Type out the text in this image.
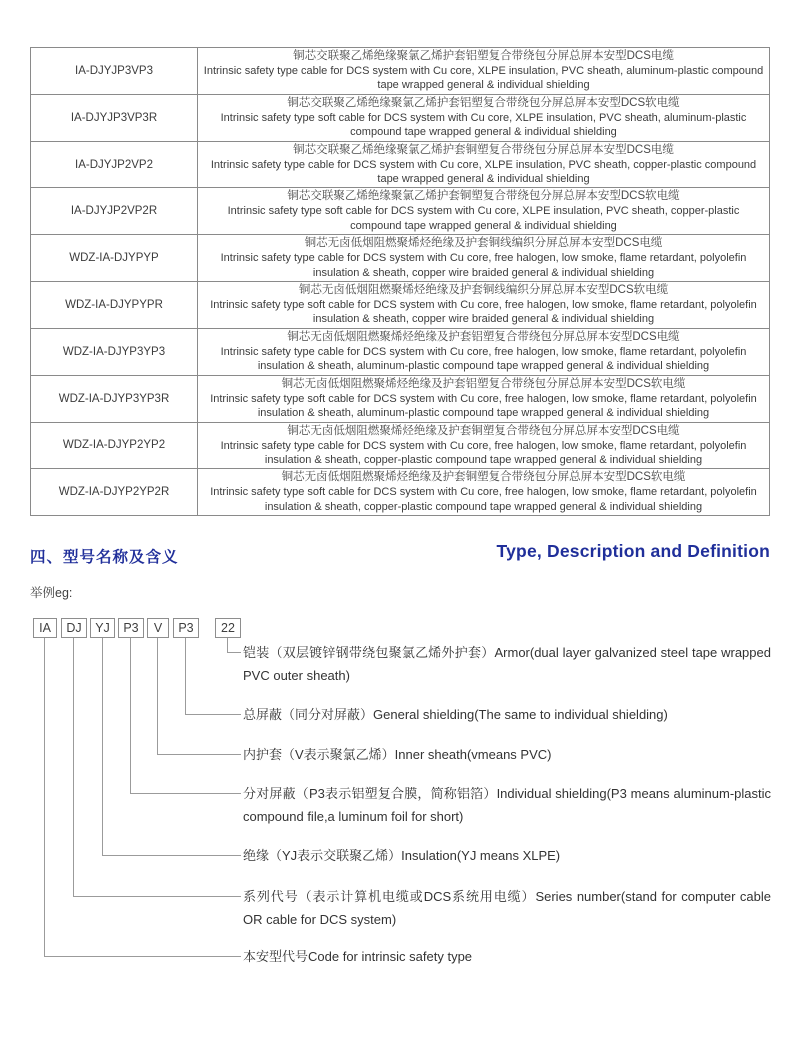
IA-DJYJP3VP3	铜芯交联聚乙烯绝缘聚氯乙烯护套铝塑复合带绕包分屏总屏本安型DCS电缆
Intrinsic safety type cable for DCS system with Cu core, XLPE insulation, PVC sheath, aluminum-plastic compound tape wrapped general & individual shielding

IA-DJYJP3VP3R	铜芯交联聚乙烯绝缘聚氯乙烯护套铝塑复合带绕包分屏总屏本安型DCS软电缆
Intrinsic safety type soft cable for DCS system with Cu core, XLPE insulation, PVC sheath, aluminum-plastic compound tape wrapped general & individual shielding

IA-DJYJP2VP2	铜芯交联聚乙烯绝缘聚氯乙烯护套铜塑复合带绕包分屏总屏本安型DCS电缆
Intrinsic safety type cable for DCS system with Cu core, XLPE insulation, PVC sheath, copper-plastic compound tape wrapped general & individual shielding

IA-DJYJP2VP2R	铜芯交联聚乙烯绝缘聚氯乙烯护套铜塑复合带绕包分屏总屏本安型DCS软电缆
Intrinsic safety type soft cable for DCS system with Cu core, XLPE insulation, PVC sheath, copper-plastic compound tape wrapped general & individual shielding

WDZ-IA-DJYPYP	铜芯无卤低烟阻燃聚烯烃绝缘及护套铜线编织分屏总屏本安型DCS电缆
Intrinsic safety type cable for DCS system with Cu core, free halogen, low smoke, flame retardant, polyolefin insulation & sheath, copper wire braided general & individual shielding

WDZ-IA-DJYPYPR	铜芯无卤低烟阻燃聚烯烃绝缘及护套铜线编织分屏总屏本安型DCS软电缆
Intrinsic safety type soft cable for DCS system with Cu core, free halogen, low smoke, flame retardant, polyolefin insulation & sheath, copper wire braided general & individual shielding

WDZ-IA-DJYP3YP3	铜芯无卤低烟阻燃聚烯烃绝缘及护套铝塑复合带绕包分屏总屏本安型DCS电缆
Intrinsic safety type cable for DCS system with Cu core, free halogen, low smoke, flame retardant, polyolefin insulation & sheath, aluminum-plastic compound tape wrapped general & individual shielding

WDZ-IA-DJYP3YP3R	铜芯无卤低烟阻燃聚烯烃绝缘及护套铝塑复合带绕包分屏总屏本安型DCS软电缆
Intrinsic safety type soft cable for DCS system with Cu core, free halogen, low smoke, flame retardant, polyolefin insulation & sheath, aluminum-plastic compound tape wrapped general & individual shielding

WDZ-IA-DJYP2YP2	铜芯无卤低烟阻燃聚烯烃绝缘及护套铜塑复合带绕包分屏总屏本安型DCS电缆
Intrinsic safety type cable for DCS system with Cu core, free halogen, low smoke, flame retardant, polyolefin insulation & sheath, copper-plastic compound tape wrapped general & individual shielding

WDZ-IA-DJYP2YP2R	铜芯无卤低烟阻燃聚烯烃绝缘及护套铜塑复合带绕包分屏总屏本安型DCS软电缆
Intrinsic safety type soft cable for DCS system with Cu core, free halogen, low smoke, flame retardant, polyolefin insulation & sheath, copper-plastic compound tape wrapped general & individual shielding
四、型号名称及含义	Type, Description and Definition
举例eg:
IA	DJ	YJ	P3	V	P3	22

铠装（双层镀锌钢带绕包聚氯乙烯外护套）Armor(dual layer galvanized steel tape wrapped PVC outer sheath)

总屏蔽（同分对屏蔽）General shielding(The same to individual shielding)

内护套（V表示聚氯乙烯）Inner sheath(vmeans PVC)

分对屏蔽（P3表示铝塑复合膜，简称铝箔）Individual shielding(P3 means aluminum-plastic compound file,a luminum foil for short)

绝缘（YJ表示交联聚乙烯）Insulation(YJ means XLPE)

系列代号（表示计算机电缆或DCS系统用电缆）Series number(stand for computer cable OR cable for DCS system)

本安型代号Code for intrinsic safety type
